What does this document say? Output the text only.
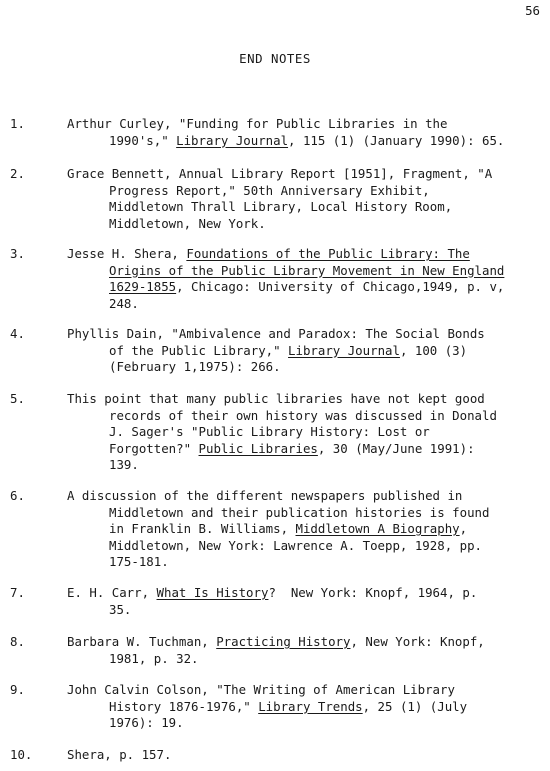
56
END NOTES
1.	Arthur Curley, "Funding for Public Libraries in the
1990's," Library Journal, 115 (1) (January 1990): 65.
2.	Grace Bennett, Annual Library Report [1951], Fragment, "A
Progress Report," 50th Anniversary Exhibit,
Middletown Thrall Library, Local History Room,
Middletown, New York.
3.	Jesse H. Shera, Foundations of the Public Library: The
Origins of the Public Library Movement in New England
1629-1855, Chicago: University of Chicago,1949, p. v,
248.
4.	Phyllis Dain, "Ambivalence and Paradox: The Social Bonds
of the Public Library," Library Journal, 100 (3)
(February 1,1975): 266.
5.	This point that many public libraries have not kept good
records of their own history was discussed in Donald
J. Sager's "Public Library History: Lost or
Forgotten?" Public Libraries, 30 (May/June 1991):
139.
6.	A discussion of the different newspapers published in
Middletown and their publication histories is found
in Franklin B. Williams, Middletown A Biography,
Middletown, New York: Lawrence A. Toepp, 1928, pp.
175-181.
7.	E. H. Carr, What Is History?  New York: Knopf, 1964, p.
35.
8.	Barbara W. Tuchman, Practicing History, New York: Knopf,
1981, p. 32.
9.	John Calvin Colson, "The Writing of American Library
History 1876-1976," Library Trends, 25 (1) (July
1976): 19.
10.	Shera, p. 157.
